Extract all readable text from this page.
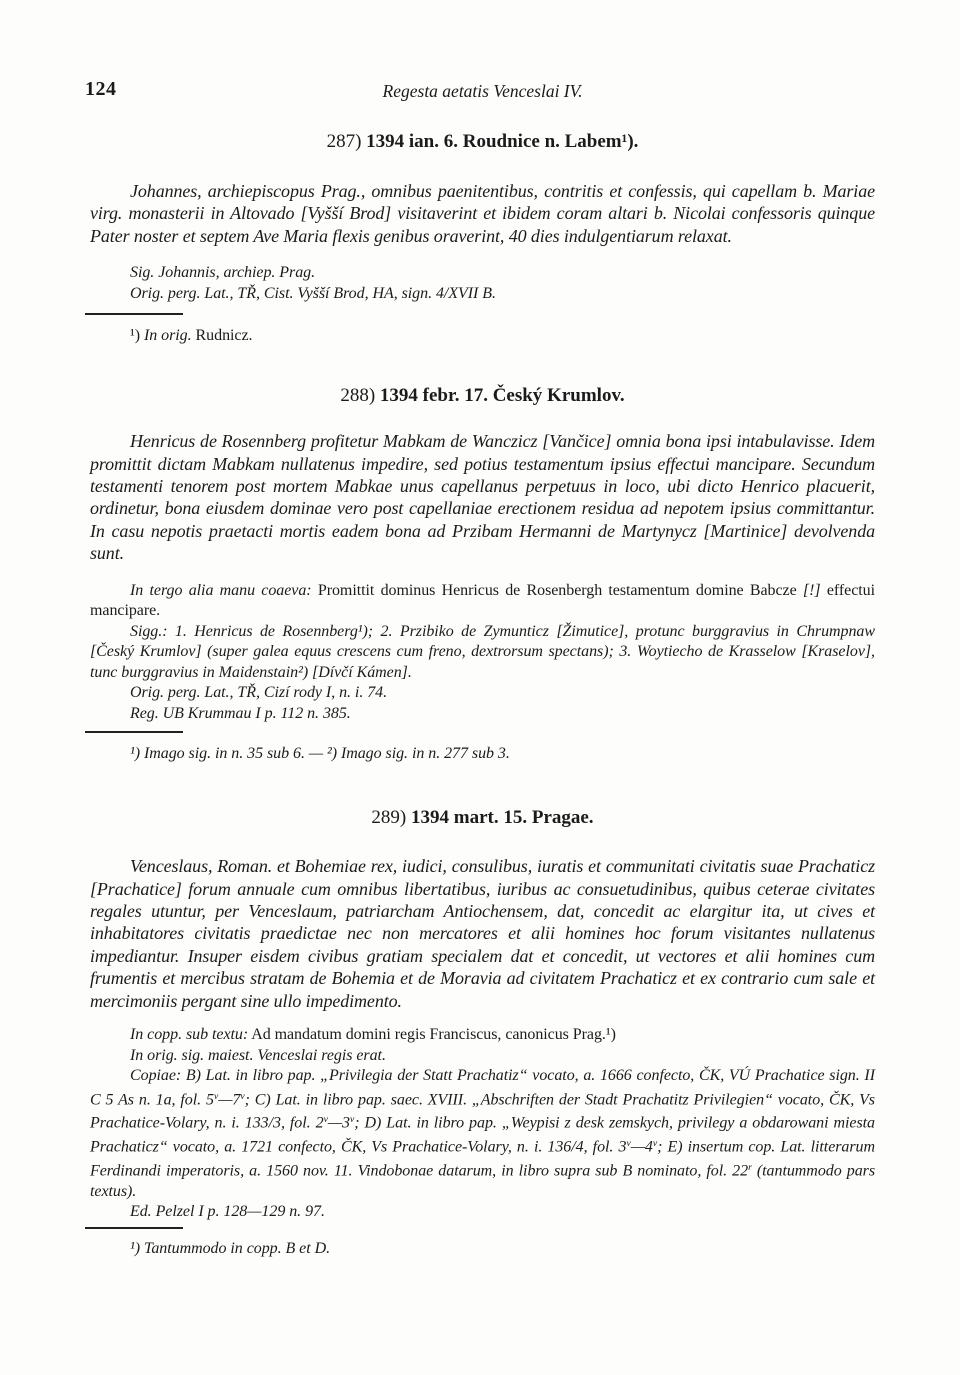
124	Regesta aetatis Venceslai IV.
287) 1394 ian. 6. Roudnice n. Labem¹).

Johannes, archiepiscopus Prag., omnibus paenitentibus, contritis et confessis, qui capellam b. Mariae virg. monasterii in Altovado [Vyšší Brod] visitaverint et ibidem coram altari b. Nicolai confessoris quinque Pater noster et septem Ave Maria flexis genibus oraverint, 40 dies indulgentiarum relaxat.

Sig. Johannis, archiep. Prag.

Orig. perg. Lat., TŘ, Cist. Vyšší Brod, HA, sign. 4/XVII B.

¹) In orig. Rudnicz.

288) 1394 febr. 17. Český Krumlov.

Henricus de Rosennberg profitetur Mabkam de Wanczicz [Vančice] omnia bona ipsi intabulavisse. Idem promittit dictam Mabkam nullatenus impedire, sed potius testamentum ipsius effectui mancipare. Secundum testamenti tenorem post mortem Mabkae unus capellanus perpetuus in loco, ubi dicto Henrico placuerit, ordinetur, bona eiusdem dominae vero post capellaniae erectionem residua ad nepotem ipsius committantur. In casu nepotis praetacti mortis eadem bona ad Przibam Hermanni de Martynycz [Martinice] devolvenda sunt.

In tergo alia manu coaeva: Promittit dominus Henricus de Rosenbergh testamentum domine Babcze [!] effectui mancipare.

Sigg.: 1. Henricus de Rosennberg¹); 2. Przibiko de Zymunticz [Žimutice], protunc burggravius in Chrumpnaw [Český Krumlov] (super galea equus crescens cum freno, dextrorsum spectans); 3. Woytiecho de Krasselow [Kraselov], tunc burggravius in Maidenstain²) [Dívčí Kámen].

Orig. perg. Lat., TŘ, Cizí rody I, n. i. 74.

Reg. UB Krummau I p. 112 n. 385.

¹) Imago sig. in n. 35 sub 6. — ²) Imago sig. in n. 277 sub 3.

289) 1394 mart. 15. Pragae.

Venceslaus, Roman. et Bohemiae rex, iudici, consulibus, iuratis et communitati civitatis suae Prachaticz [Prachatice] forum annuale cum omnibus libertatibus, iuribus ac consuetudinibus, quibus ceterae civitates regales utuntur, per Venceslaum, patriarcham Antiochensem, dat, concedit ac elargitur ita, ut cives et inhabitatores civitatis praedictae nec non mercatores et alii homines hoc forum visitantes nullatenus impediantur. Insuper eisdem civibus gratiam specialem dat et concedit, ut vectores et alii homines cum frumentis et mercibus stratam de Bohemia et de Moravia ad civitatem Prachaticz et ex contrario cum sale et mercimoniis pergant sine ullo impedimento.

In copp. sub textu: Ad mandatum domini regis Franciscus, canonicus Prag.¹)

In orig. sig. maiest. Venceslai regis erat.

Copiae: B) Lat. in libro pap. „Privilegia der Statt Prachatiz“ vocato, a. 1666 confecto, ČK, VÚ Prachatice sign. II C 5 As n. 1a, fol. 5$^v$—7$^v$; C) Lat. in libro pap. saec. XVIII. „Abschriften der Stadt Prachatitz Privilegien“ vocato, ČK, Vs Prachatice-Volary, n. i. 133/3, fol. 2$^v$—3$^v$; D) Lat. in libro pap. „Weypisi z desk zemskych, privilegy a obdarowani miesta Prachaticz“ vocato, a. 1721 confecto, ČK, Vs Prachatice-Volary, n. i. 136/4, fol. 3$^v$—4$^v$; E) insertum cop. Lat. litterarum Ferdinandi imperatoris, a. 1560 nov. 11. Vindobonae datarum, in libro supra sub B nominato, fol. 22$^r$ (tantummodo pars textus).

Ed. Pelzel I p. 128—129 n. 97.

¹) Tantummodo in copp. B et D.
